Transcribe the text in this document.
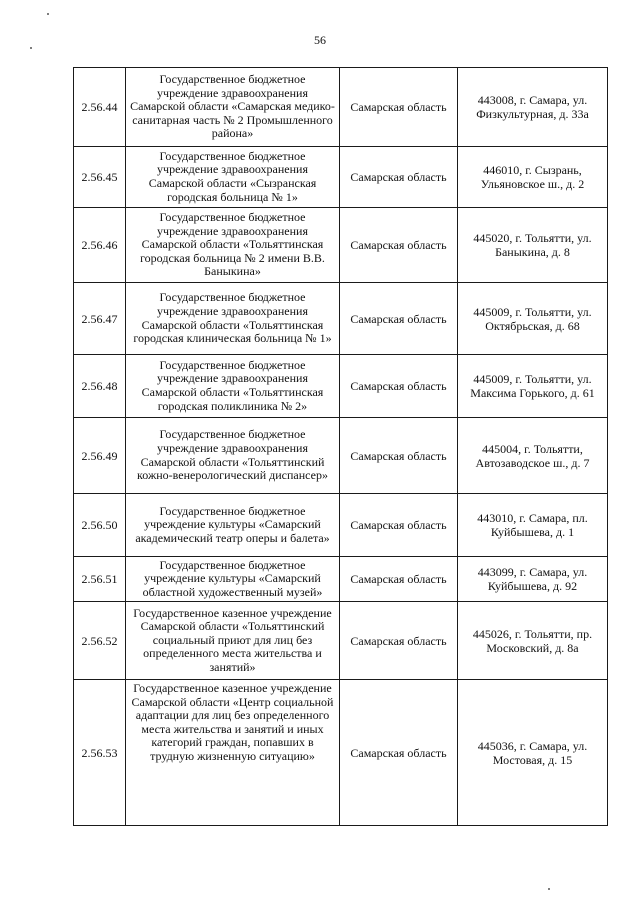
56
2.56.44	Государственное бюджетное учреждение здравоохранения Самарской области «Самарская медико-санитарная часть № 2 Промышленного района»	Самарская область	443008, г. Самара, ул. Физкультурная, д. 33а
2.56.45	Государственное бюджетное учреждение здравоохранения Самарской области «Сызранская городская больница № 1»	Самарская область	446010, г. Сызрань, Ульяновское ш., д. 2
2.56.46	Государственное бюджетное учреждение здравоохранения Самарской области «Тольяттинская городская больница № 2 имени В.В. Баныкина»	Самарская область	445020, г. Тольятти, ул. Баныкина, д. 8
2.56.47	Государственное бюджетное учреждение здравоохранения Самарской области «Тольяттинская городская клиническая больница № 1»	Самарская область	445009, г. Тольятти, ул. Октябрьская, д. 68
2.56.48	Государственное бюджетное учреждение здравоохранения Самарской области «Тольяттинская городская поликлиника № 2»	Самарская область	445009, г. Тольятти, ул. Максима Горького, д. 61
2.56.49	Государственное бюджетное учреждение здравоохранения Самарской области «Тольяттинский кожно-венерологический диспансер»	Самарская область	445004, г. Тольятти, Автозаводское ш., д. 7
2.56.50	Государственное бюджетное учреждение культуры «Самарский академический театр оперы и балета»	Самарская область	443010, г. Самара, пл. Куйбышева, д. 1
2.56.51	Государственное бюджетное учреждение культуры «Самарский областной художественный музей»	Самарская область	443099, г. Самара, ул. Куйбышева, д. 92
2.56.52	Государственное казенное учреждение Самарской области «Тольяттинский социальный приют для лиц без определенного места жительства и занятий»	Самарская область	445026, г. Тольятти, пр. Московский, д. 8а
2.56.53	Государственное казенное учреждение Самарской области «Центр социальной адаптации для лиц без определенного места жительства и занятий и иных категорий граждан, попавших в трудную жизненную ситуацию»	Самарская область	445036, г. Самара, ул. Мостовая, д. 15
